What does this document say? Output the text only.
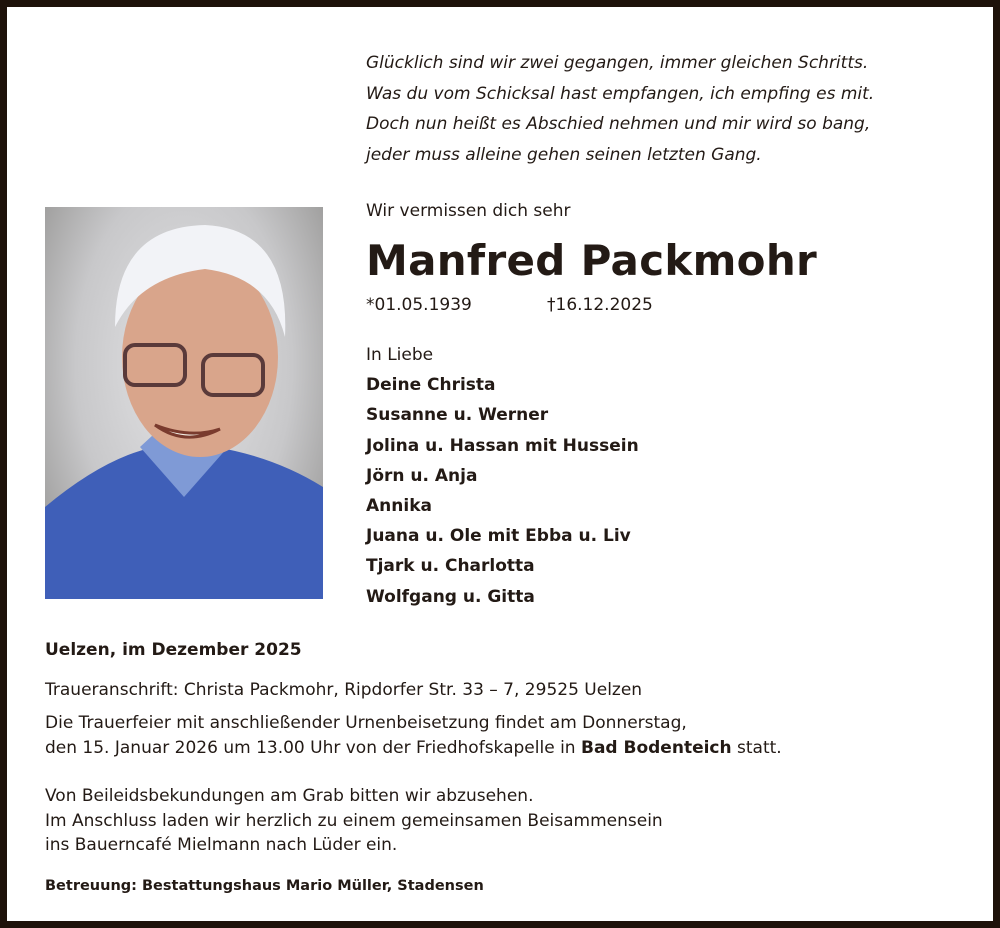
Glücklich sind wir zwei gegangen, immer gleichen Schritts.
Was du vom Schicksal hast empfangen, ich empfing es mit.
Doch nun heißt es Abschied nehmen und mir wird so bang,
jeder muss alleine gehen seinen letzten Gang.
Wir vermissen dich sehr
Manfred Packmohr
*01.05.1939	†16.12.2025
In Liebe
Deine Christa
Susanne u. Werner
Jolina u. Hassan mit Hussein
Jörn u. Anja
Annika
Juana u. Ole mit Ebba u. Liv
Tjark u. Charlotta
Wolfgang u. Gitta
Uelzen, im Dezember 2025
Traueranschrift: Christa Packmohr, Ripdorfer Str. 33 – 7, 29525 Uelzen
Die Trauerfeier mit anschließender Urnenbeisetzung findet am Donnerstag,
den 15. Januar 2026 um 13.00 Uhr von der Friedhofskapelle in Bad Bodenteich statt.
Von Beileidsbekundungen am Grab bitten wir abzusehen.
Im Anschluss laden wir herzlich zu einem gemeinsamen Beisammensein
ins Bauerncafé Mielmann nach Lüder ein.
Betreuung: Bestattungshaus Mario Müller, Stadensen
